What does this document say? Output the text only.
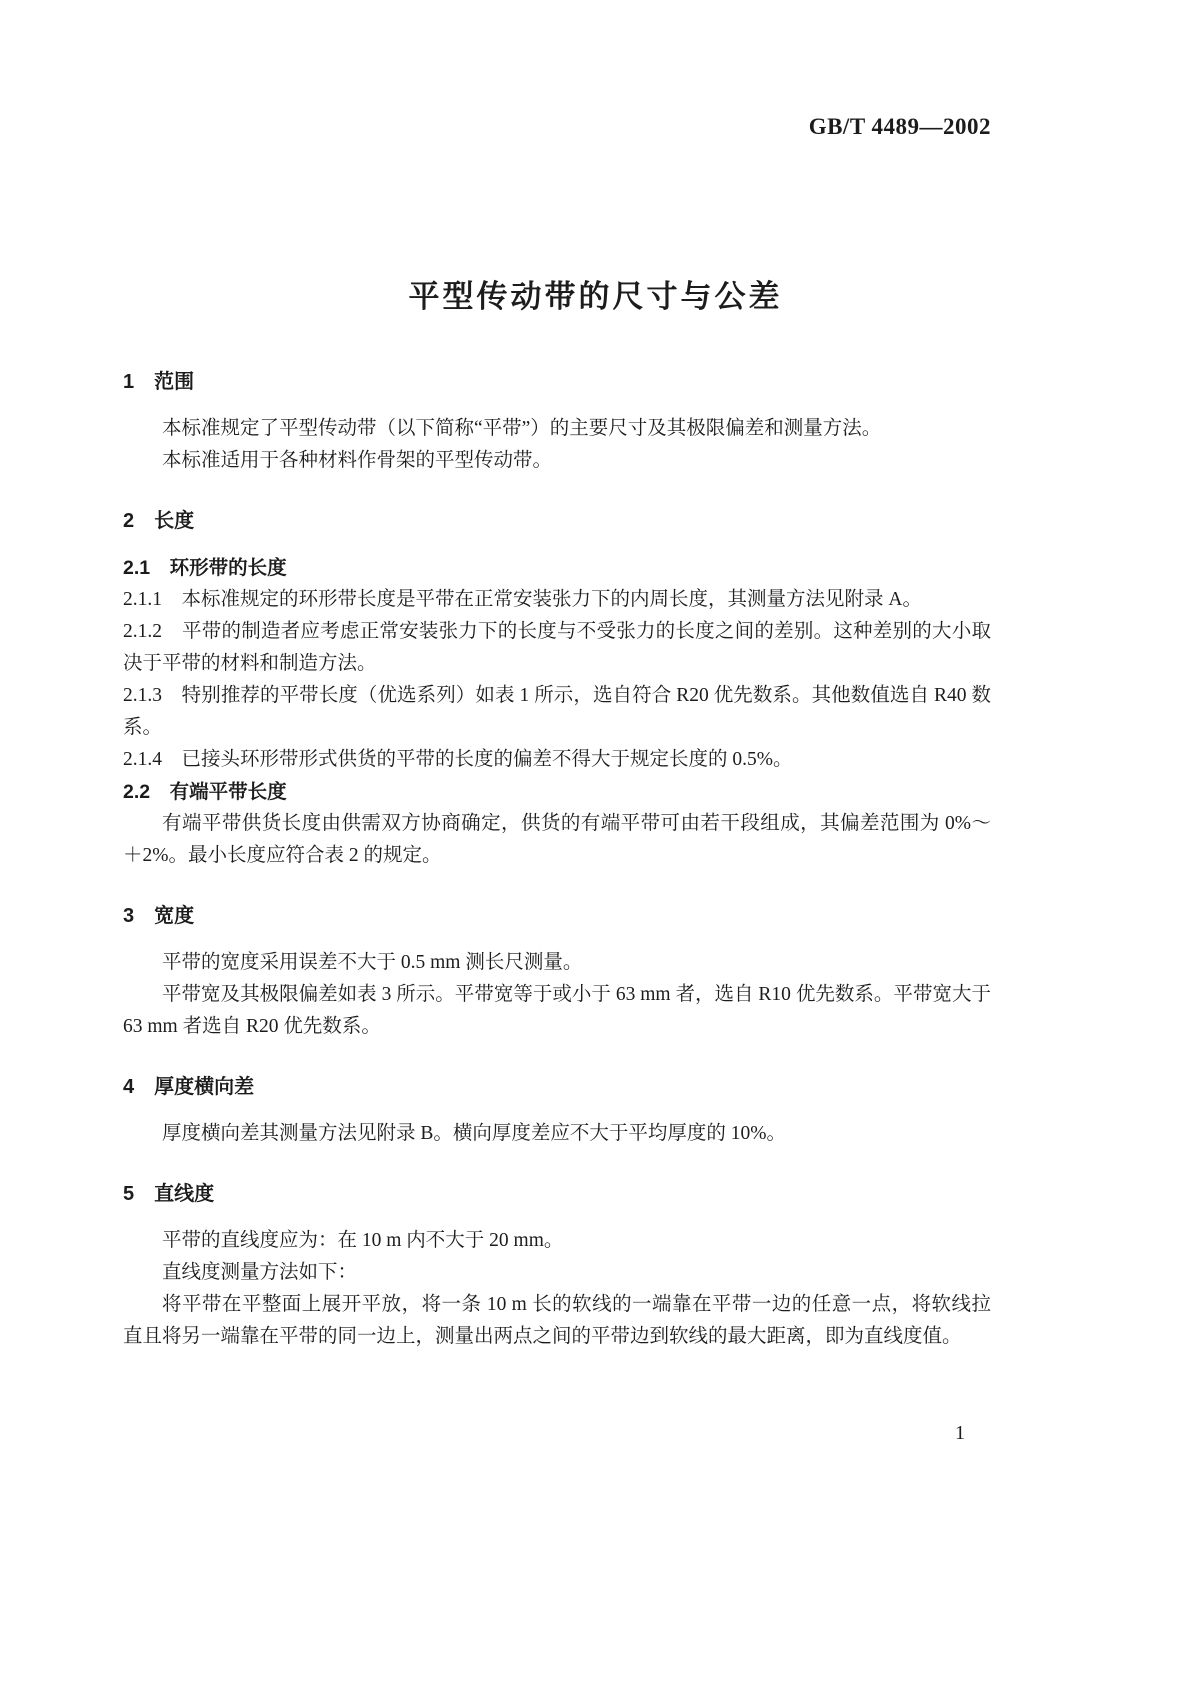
GB/T 4489—2002
平型传动带的尺寸与公差
1　范围
本标准规定了平型传动带（以下简称“平带”）的主要尺寸及其极限偏差和测量方法。
本标准适用于各种材料作骨架的平型传动带。
2　长度
2.1　环形带的长度
2.1.1　本标准规定的环形带长度是平带在正常安装张力下的内周长度，其测量方法见附录 A。
2.1.2　平带的制造者应考虑正常安装张力下的长度与不受张力的长度之间的差别。这种差别的大小取决于平带的材料和制造方法。
2.1.3　特别推荐的平带长度（优选系列）如表 1 所示，选自符合 R20 优先数系。其他数值选自 R40 数系。
2.1.4　已接头环形带形式供货的平带的长度的偏差不得大于规定长度的 0.5%。
2.2　有端平带长度
有端平带供货长度由供需双方协商确定，供货的有端平带可由若干段组成，其偏差范围为 0%～＋2%。最小长度应符合表 2 的规定。
3　宽度
平带的宽度采用误差不大于 0.5 mm 测长尺测量。
平带宽及其极限偏差如表 3 所示。平带宽等于或小于 63 mm 者，选自 R10 优先数系。平带宽大于 63 mm 者选自 R20 优先数系。
4　厚度横向差
厚度横向差其测量方法见附录 B。横向厚度差应不大于平均厚度的 10%。
5　直线度
平带的直线度应为：在 10 m 内不大于 20 mm。
直线度测量方法如下：
将平带在平整面上展开平放，将一条 10 m 长的软线的一端靠在平带一边的任意一点，将软线拉直且将另一端靠在平带的同一边上，测量出两点之间的平带边到软线的最大距离，即为直线度值。
1
